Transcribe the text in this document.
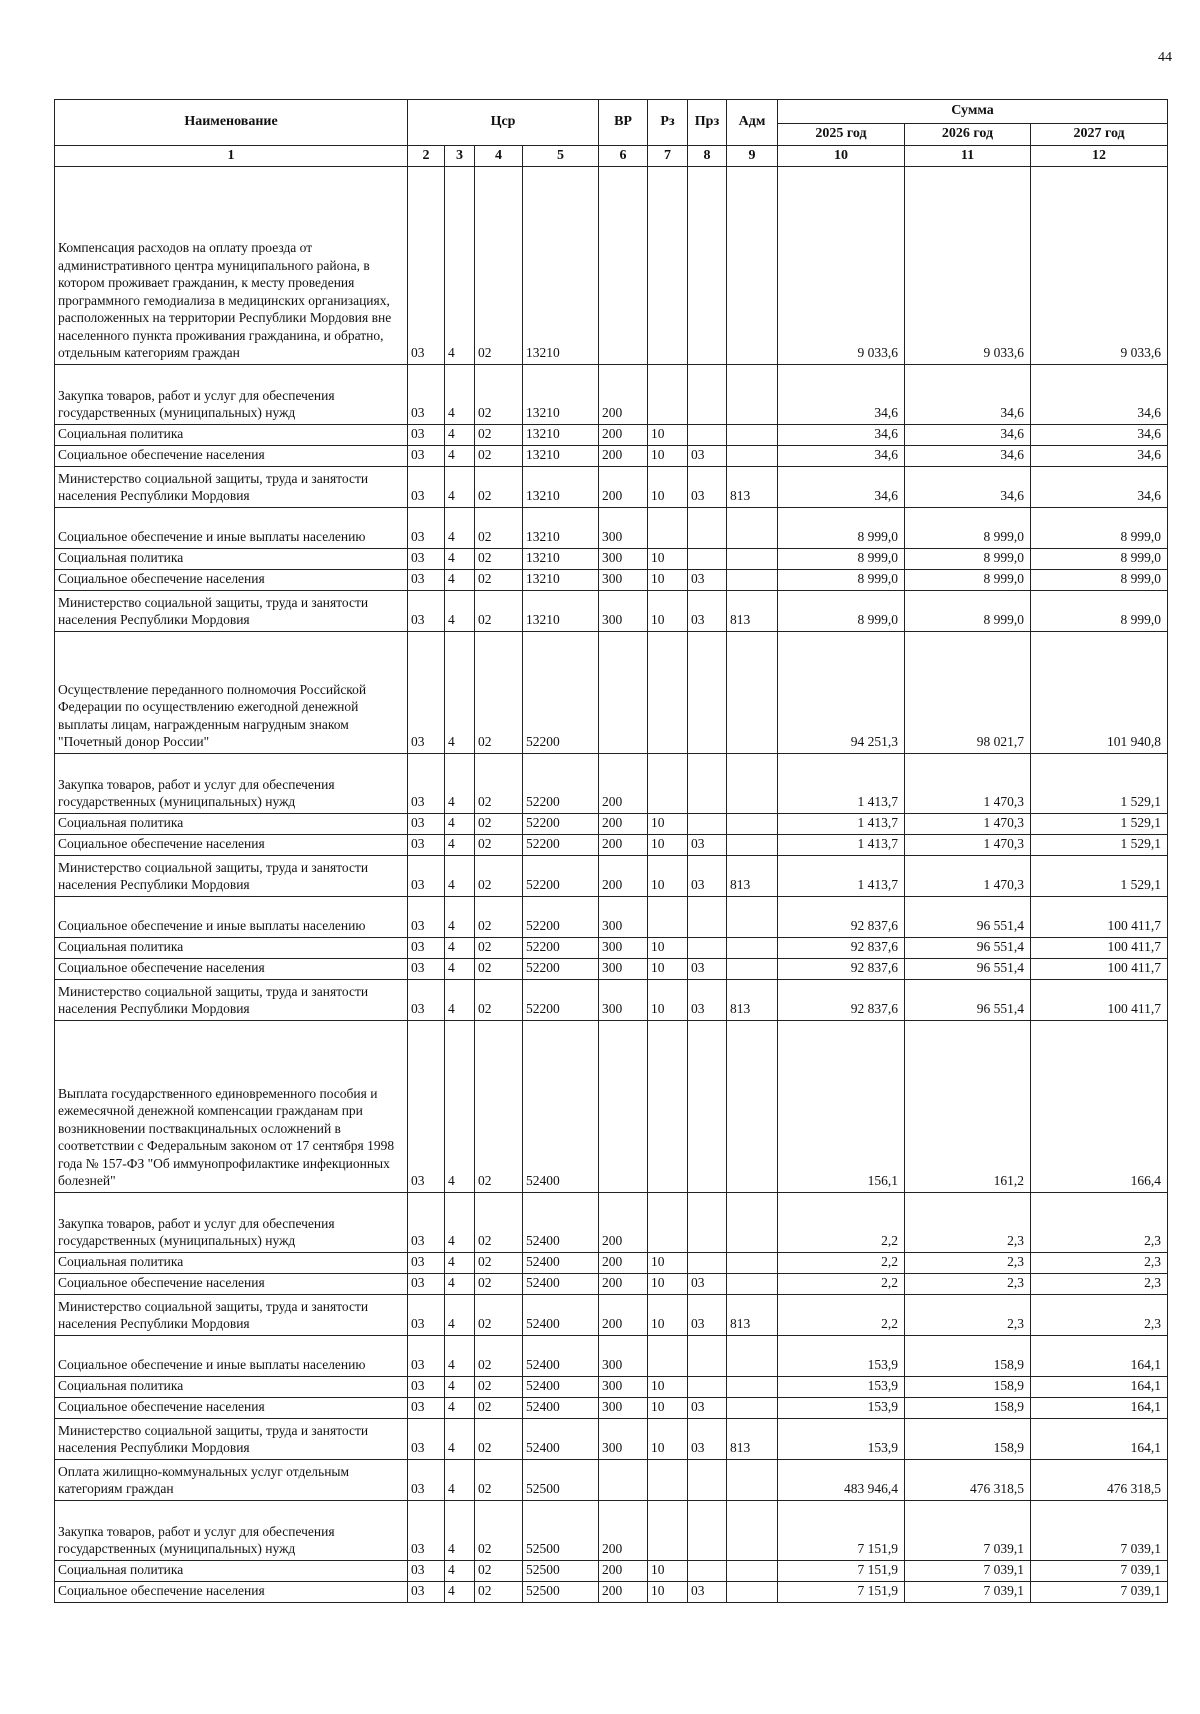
44
Наименование	Цср				ВР	Рз	Прз	Адм	Сумма		
									2025 год	2026 год	2027 год
1	2	3	4	5	6	7	8	9	10	11	12
Компенсация расходов на оплату проезда от административного центра муниципального района, в котором проживает гражданин, к месту проведения программного гемодиализа в медицинских организациях, расположенных на территории Республики Мордовия вне населенного пункта проживания гражданина, и обратно, отдельным категориям граждан	03	4	02	13210					9 033,6	9 033,6	9 033,6
Закупка товаров, работ и услуг для обеспечения государственных (муниципальных) нужд	03	4	02	13210	200				34,6	34,6	34,6
Социальная политика	03	4	02	13210	200	10			34,6	34,6	34,6
Социальное обеспечение населения	03	4	02	13210	200	10	03		34,6	34,6	34,6
Министерство социальной защиты, труда и занятости населения Республики Мордовия	03	4	02	13210	200	10	03	813	34,6	34,6	34,6
Социальное обеспечение и иные выплаты населению	03	4	02	13210	300				8 999,0	8 999,0	8 999,0
Социальная политика	03	4	02	13210	300	10			8 999,0	8 999,0	8 999,0
Социальное обеспечение населения	03	4	02	13210	300	10	03		8 999,0	8 999,0	8 999,0
Министерство социальной защиты, труда и занятости населения Республики Мордовия	03	4	02	13210	300	10	03	813	8 999,0	8 999,0	8 999,0
Осуществление переданного полномочия Российской Федерации по осуществлению ежегодной денежной выплаты лицам, награжденным нагрудным знаком "Почетный донор России"	03	4	02	52200					94 251,3	98 021,7	101 940,8
Закупка товаров, работ и услуг для обеспечения государственных (муниципальных) нужд	03	4	02	52200	200				1 413,7	1 470,3	1 529,1
Социальная политика	03	4	02	52200	200	10			1 413,7	1 470,3	1 529,1
Социальное обеспечение населения	03	4	02	52200	200	10	03		1 413,7	1 470,3	1 529,1
Министерство социальной защиты, труда и занятости населения Республики Мордовия	03	4	02	52200	200	10	03	813	1 413,7	1 470,3	1 529,1
Социальное обеспечение и иные выплаты населению	03	4	02	52200	300				92 837,6	96 551,4	100 411,7
Социальная политика	03	4	02	52200	300	10			92 837,6	96 551,4	100 411,7
Социальное обеспечение населения	03	4	02	52200	300	10	03		92 837,6	96 551,4	100 411,7
Министерство социальной защиты, труда и занятости населения Республики Мордовия	03	4	02	52200	300	10	03	813	92 837,6	96 551,4	100 411,7
Выплата государственного единовременного пособия и ежемесячной денежной компенсации гражданам при возникновении поствакцинальных осложнений в соответствии с Федеральным законом от 17 сентября 1998 года № 157-ФЗ "Об иммунопрофилактике инфекционных болезней"	03	4	02	52400					156,1	161,2	166,4
Закупка товаров, работ и услуг для обеспечения государственных (муниципальных) нужд	03	4	02	52400	200				2,2	2,3	2,3
Социальная политика	03	4	02	52400	200	10			2,2	2,3	2,3
Социальное обеспечение населения	03	4	02	52400	200	10	03		2,2	2,3	2,3
Министерство социальной защиты, труда и занятости населения Республики Мордовия	03	4	02	52400	200	10	03	813	2,2	2,3	2,3
Социальное обеспечение и иные выплаты населению	03	4	02	52400	300				153,9	158,9	164,1
Социальная политика	03	4	02	52400	300	10			153,9	158,9	164,1
Социальное обеспечение населения	03	4	02	52400	300	10	03		153,9	158,9	164,1
Министерство социальной защиты, труда и занятости населения Республики Мордовия	03	4	02	52400	300	10	03	813	153,9	158,9	164,1
Оплата жилищно-коммунальных услуг отдельным категориям граждан	03	4	02	52500					483 946,4	476 318,5	476 318,5
Закупка товаров, работ и услуг для обеспечения государственных (муниципальных) нужд	03	4	02	52500	200				7 151,9	7 039,1	7 039,1
Социальная политика	03	4	02	52500	200	10			7 151,9	7 039,1	7 039,1
Социальное обеспечение населения	03	4	02	52500	200	10	03		7 151,9	7 039,1	7 039,1
